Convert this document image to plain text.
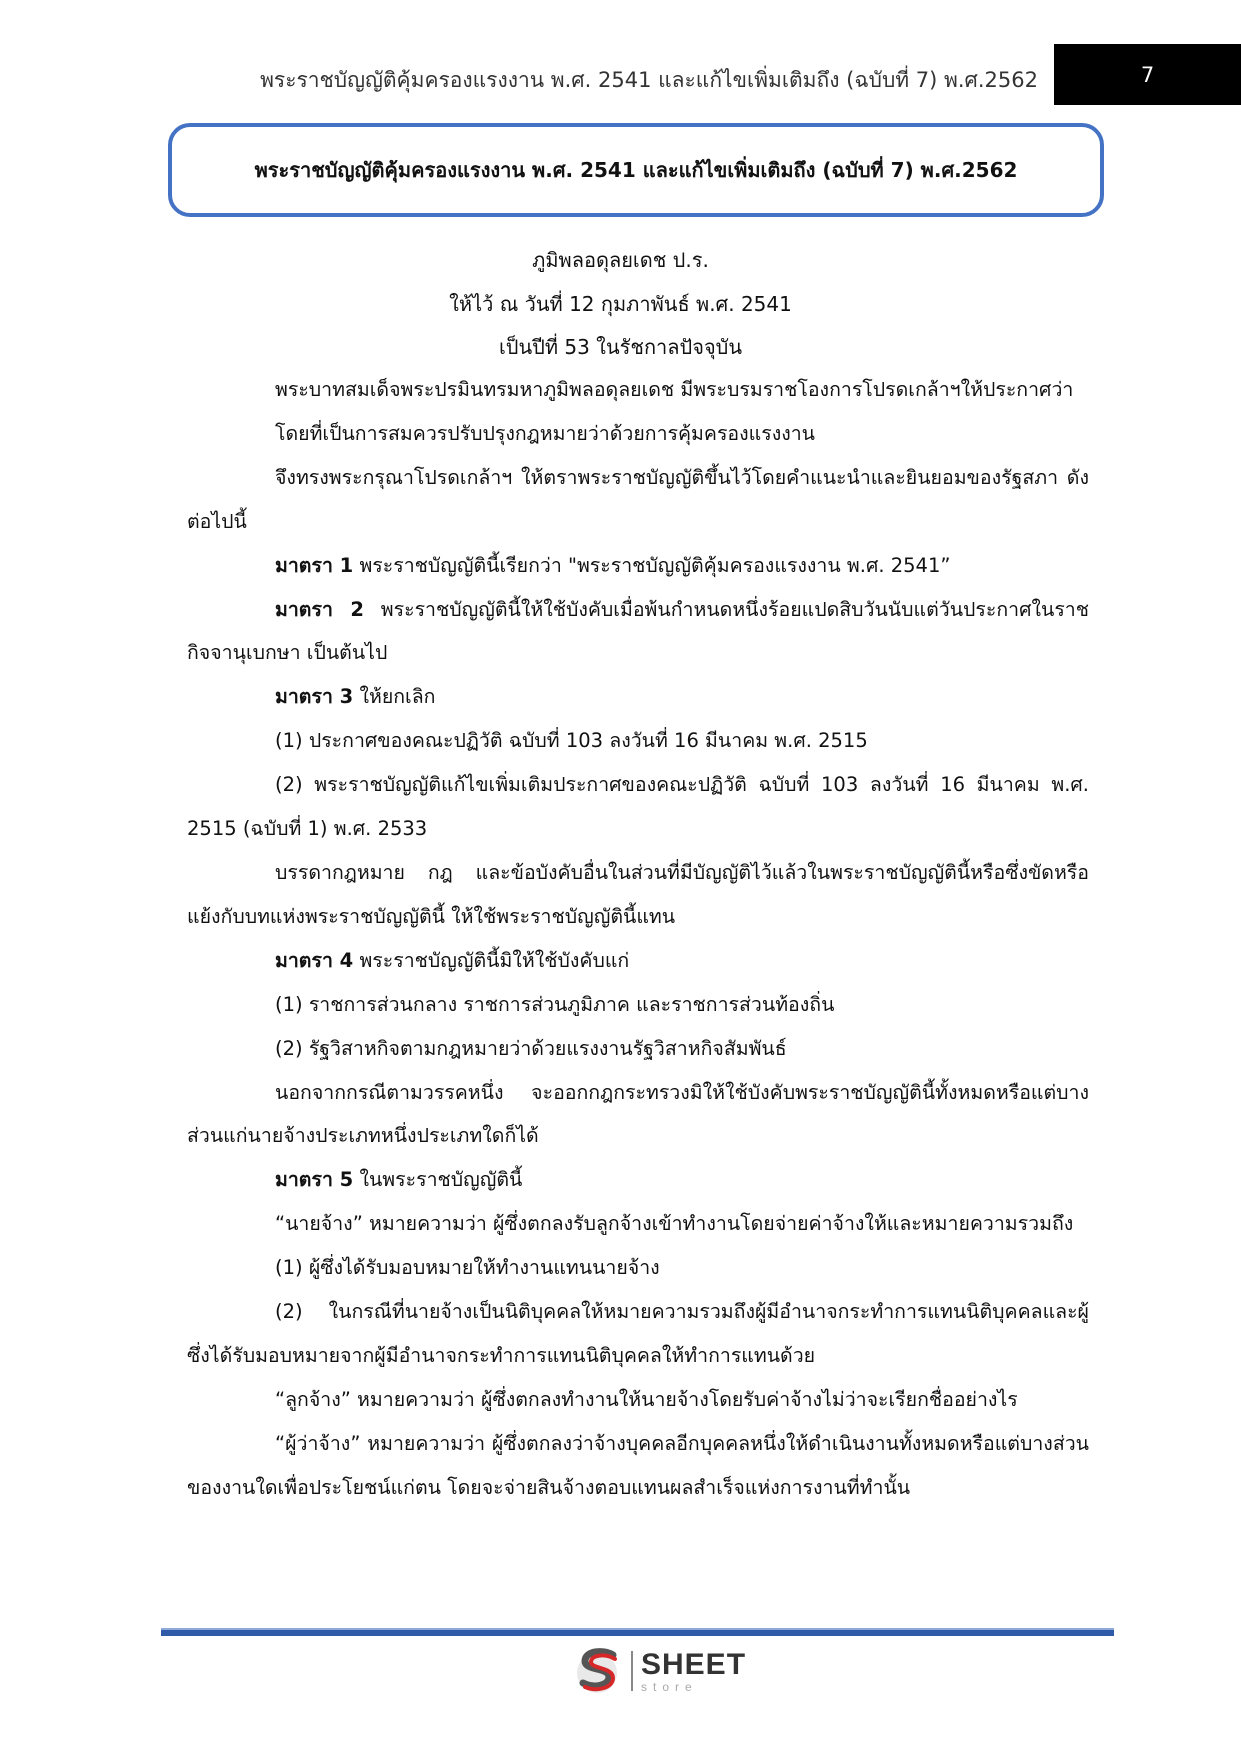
พระราชบัญญัติคุ้มครองแรงงาน พ.ศ. 2541 และแก้ไขเพิ่มเติมถึง (ฉบับที่ 7) พ.ศ.2562	7
พระราชบัญญัติคุ้มครองแรงงาน พ.ศ. 2541 และแก้ไขเพิ่มเติมถึง (ฉบับที่ 7) พ.ศ.2562
ภูมิพลอดุลยเดช ป.ร.
ให้ไว้ ณ วันที่ 12 กุมภาพันธ์ พ.ศ. 2541
เป็นปีที่ 53 ในรัชกาลปัจจุบัน

พระบาทสมเด็จพระปรมินทรมหาภูมิพลอดุลยเดช มีพระบรมราชโองการโปรดเกล้าฯให้ประกาศว่า

โดยที่เป็นการสมควรปรับปรุงกฎหมายว่าด้วยการคุ้มครองแรงงาน

จึงทรงพระกรุณาโปรดเกล้าฯ ให้ตราพระราชบัญญัติขึ้นไว้โดยคำแนะนำและยินยอมของรัฐสภา ดังต่อไปนี้

มาตรา 1 พระราชบัญญัตินี้เรียกว่า "พระราชบัญญัติคุ้มครองแรงงาน พ.ศ. 2541”

มาตรา 2 พระราชบัญญัตินี้ให้ใช้บังคับเมื่อพ้นกำหนดหนึ่งร้อยแปดสิบวันนับแต่วันประกาศในราชกิจจานุเบกษา เป็นต้นไป

มาตรา 3 ให้ยกเลิก

(1) ประกาศของคณะปฏิวัติ ฉบับที่ 103 ลงวันที่ 16 มีนาคม พ.ศ. 2515

(2) พระราชบัญญัติแก้ไขเพิ่มเติมประกาศของคณะปฏิวัติ ฉบับที่ 103 ลงวันที่ 16 มีนาคม พ.ศ. 2515 (ฉบับที่ 1) พ.ศ. 2533

บรรดากฎหมาย กฎ และข้อบังคับอื่นในส่วนที่มีบัญญัติไว้แล้วในพระราชบัญญัตินี้หรือซึ่งขัดหรือแย้งกับบทแห่งพระราชบัญญัตินี้ ให้ใช้พระราชบัญญัตินี้แทน

มาตรา 4 พระราชบัญญัตินี้มิให้ใช้บังคับแก่

(1) ราชการส่วนกลาง ราชการส่วนภูมิภาค และราชการส่วนท้องถิ่น

(2) รัฐวิสาหกิจตามกฎหมายว่าด้วยแรงงานรัฐวิสาหกิจสัมพันธ์

นอกจากกรณีตามวรรคหนึ่ง จะออกกฎกระทรวงมิให้ใช้บังคับพระราชบัญญัตินี้ทั้งหมดหรือแต่บางส่วนแก่นายจ้างประเภทหนึ่งประเภทใดก็ได้

มาตรา 5 ในพระราชบัญญัตินี้

“นายจ้าง” หมายความว่า ผู้ซึ่งตกลงรับลูกจ้างเข้าทำงานโดยจ่ายค่าจ้างให้และหมายความรวมถึง

(1) ผู้ซึ่งได้รับมอบหมายให้ทำงานแทนนายจ้าง

(2) ในกรณีที่นายจ้างเป็นนิติบุคคลให้หมายความรวมถึงผู้มีอำนาจกระทำการแทนนิติบุคคลและผู้ซึ่งได้รับมอบหมายจากผู้มีอำนาจกระทำการแทนนิติบุคคลให้ทำการแทนด้วย

“ลูกจ้าง” หมายความว่า ผู้ซึ่งตกลงทำงานให้นายจ้างโดยรับค่าจ้างไม่ว่าจะเรียกชื่ออย่างไร

“ผู้ว่าจ้าง” หมายความว่า ผู้ซึ่งตกลงว่าจ้างบุคคลอีกบุคคลหนึ่งให้ดำเนินงานทั้งหมดหรือแต่บางส่วนของงานใดเพื่อประโยชน์แก่ตน โดยจะจ่ายสินจ้างตอบแทนผลสำเร็จแห่งการงานที่ทำนั้น

SHEET
store
